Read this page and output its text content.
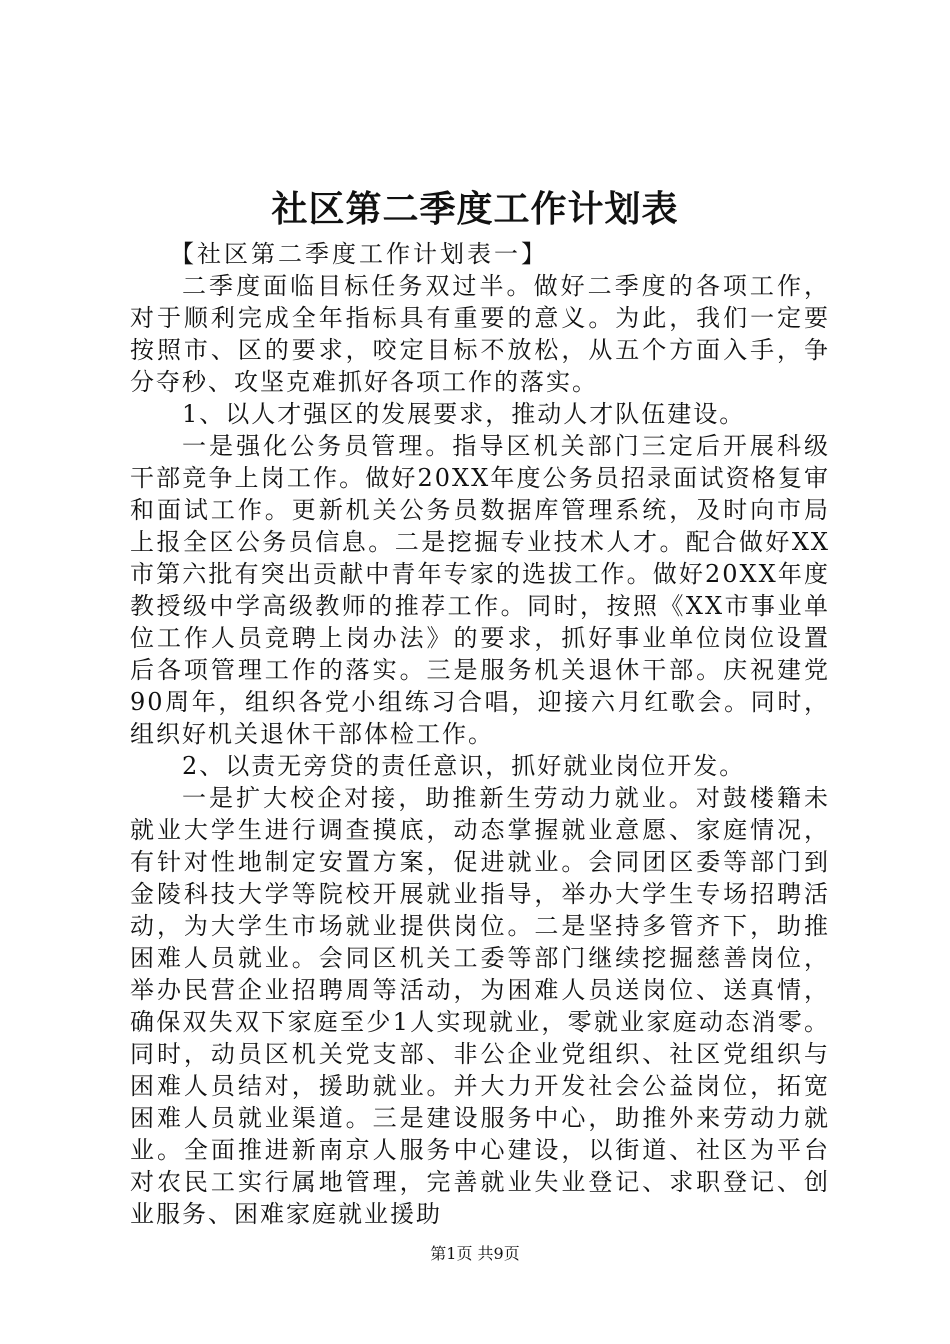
社区第二季度工作计划表

【社区第二季度工作计划表一】

二季度面临目标任务双过半。做好二季度的各项工作，对于顺利完成全年指标具有重要的意义。为此，我们一定要按照市、区的要求，咬定目标不放松，从五个方面入手，争分夺秒、攻坚克难抓好各项工作的落实。

1、以人才强区的发展要求，推动人才队伍建设。

一是强化公务员管理。指导区机关部门三定后开展科级干部竞争上岗工作。做好20XX年度公务员招录面试资格复审和面试工作。更新机关公务员数据库管理系统，及时向市局上报全区公务员信息。二是挖掘专业技术人才。配合做好XX市第六批有突出贡献中青年专家的选拔工作。做好20XX年度教授级中学高级教师的推荐工作。同时，按照《XX市事业单位工作人员竞聘上岗办法》的要求，抓好事业单位岗位设置后各项管理工作的落实。三是服务机关退休干部。庆祝建党90周年，组织各党小组练习合唱，迎接六月红歌会。同时，组织好机关退休干部体检工作。

2、以责无旁贷的责任意识，抓好就业岗位开发。

一是扩大校企对接，助推新生劳动力就业。对鼓楼籍未就业大学生进行调查摸底，动态掌握就业意愿、家庭情况，有针对性地制定安置方案，促进就业。会同团区委等部门到金陵科技大学等院校开展就业指导，举办大学生专场招聘活动，为大学生市场就业提供岗位。二是坚持多管齐下，助推困难人员就业。会同区机关工委等部门继续挖掘慈善岗位，举办民营企业招聘周等活动，为困难人员送岗位、送真情，确保双失双下家庭至少1人实现就业，零就业家庭动态消零。同时，动员区机关党支部、非公企业党组织、社区党组织与困难人员结对，援助就业。并大力开发社会公益岗位，拓宽困难人员就业渠道。三是建设服务中心，助推外来劳动力就业。全面推进新南京人服务中心建设，以街道、社区为平台对农民工实行属地管理，完善就业失业登记、求职登记、创业服务、困难家庭就业援助

第1页 共9页
